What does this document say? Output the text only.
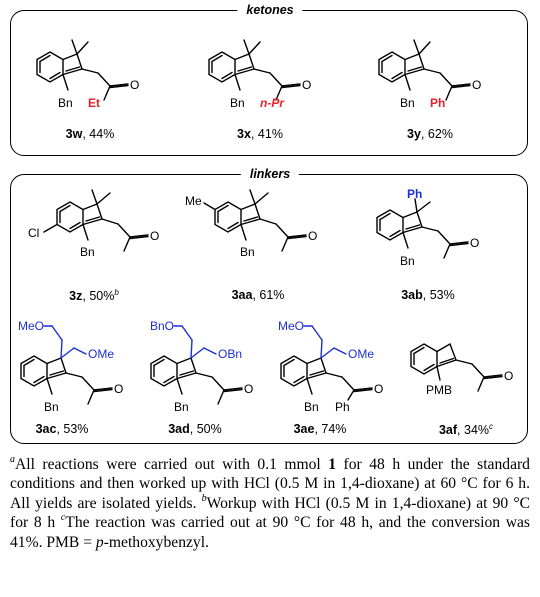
ketones
linkers
O
Bn Et
O
Bn n-Pr
O
Bn Ph
O
Cl
Bn
O
Me
Bn
Ph
O
Bn
MeO
OMe
O
Bn
BnO
OBn
O
Bn
MeO
OMe
O
Bn Ph
O
PMB
3w, 44%	3x, 41%	3y, 62%
3z, 50%$^b$	3aa, 61%	3ab, 53%
3ac, 53%	3ad, 50%	3ae, 74%	3af, 34%$^c$
$^a$All reactions were carried out with 0.1 mmol 1 for 48 h under the standard conditions and then worked up with HCl (0.5 M in 1,4-dioxane) at 60 °C for 6 h. All yields are isolated yields. $^b$Workup with HCl (0.5 M in 1,4-dioxane) at 90 °C for 8 h $^c$The reaction was carried out at 90 °C for 48 h, and the conversion was 41%. PMB = p-methoxybenzyl.
